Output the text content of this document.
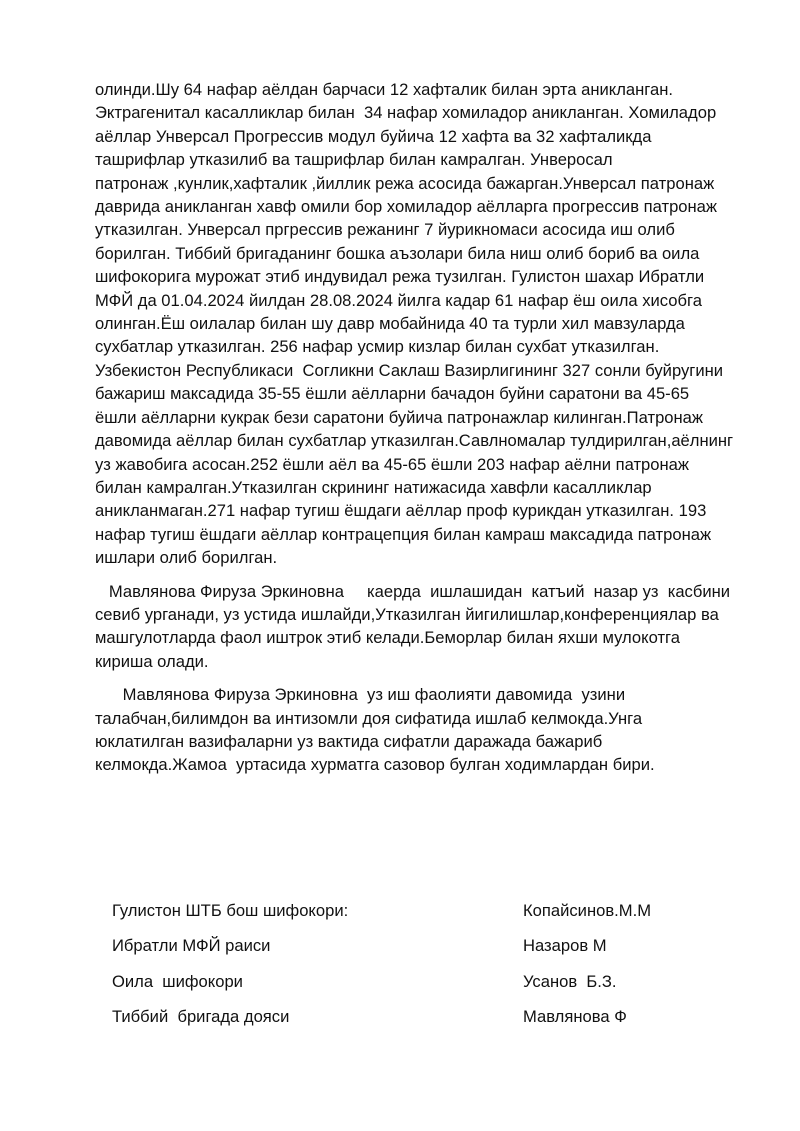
олинди.Шу 64 нафар аёлдан барчаси 12 хафталик билан эрта аникланган.
Эктрагенитал касалликлар билан  34 нафар хомиладор аникланган. Хомиладор
аёллар Унверсал Прогрессив модул буйича 12 хафта ва 32 хафталикда
ташрифлар утказилиб ва ташрифлар билан камралган. Унверосал
патронаж ,кунлик,хафталик ,йиллик режа асосида бажарган.Унверсал патронаж
даврида аникланган хавф омили бор хомиладор аёлларга прогрессив патронаж
утказилган. Унверсал пргрессив режанинг 7 йурикномаси асосида иш олиб
борилган. Тиббий бригаданинг бошка аъзолари била ниш олиб бориб ва оила
шифокорига мурожат этиб индувидал режа тузилган. Гулистон шахар Ибратли
МФЙ да 01.04.2024 йилдан 28.08.2024 йилга кадар 61 нафар ёш оила хисобга
олинган.Ёш оилалар билан шу давр мобайнида 40 та турли хил мавзуларда
сухбатлар утказилган. 256 нафар усмир кизлар билан сухбат утказилган.
Узбекистон Республикаси  Согликни Саклаш Вазирлигининг 327 сонли буйругини
бажариш максадида 35-55 ёшли аёлларни бачадон буйни саратони ва 45-65
ёшли аёлларни кукрак бези саратони буйича патронажлар килинган.Патронаж
давомида аёллар билан сухбатлар утказилган.Савлномалар тулдирилган,аёлнинг
уз жавобига асосан.252 ёшли аёл ва 45-65 ёшли 203 нафар аёлни патронаж
билан камралган.Утказилган скрининг натижасида хавфли касалликлар
аникланмаган.271 нафар тугиш ёшдаги аёллар проф курикдан утказилган. 193
нафар тугиш ёшдаги аёллар контрацепция билан камраш максадида патронаж
ишлари олиб борилган.
Мавлянова Фируза Эркиновна     каерда  ишлашидан  катъий  назар уз  касбини
севиб урганади, уз устида ишлайди,Утказилган йигилишлар,конференциялар ва
машгулотларда фаол иштрок этиб келади.Беморлар билан яхши мулокотга
кириша олади.
Мавлянова Фируза Эркиновна  уз иш фаолияти давомида  узини
талабчан,билимдон ва интизомли доя сифатида ишлаб келмокда.Унга
юклатилган вазифаларни уз вактида сифатли даражада бажариб
келмокда.Жамоа  уртасида хурматга сазовор булган ходимлардан бири.
Гулистон ШТБ бош шифокори:	Копайсинов.М.М
Ибратли МФЙ раиси	Назаров М
Оила  шифокори	Усанов  Б.З.
Тиббий  бригада дояси	Мавлянова Ф
